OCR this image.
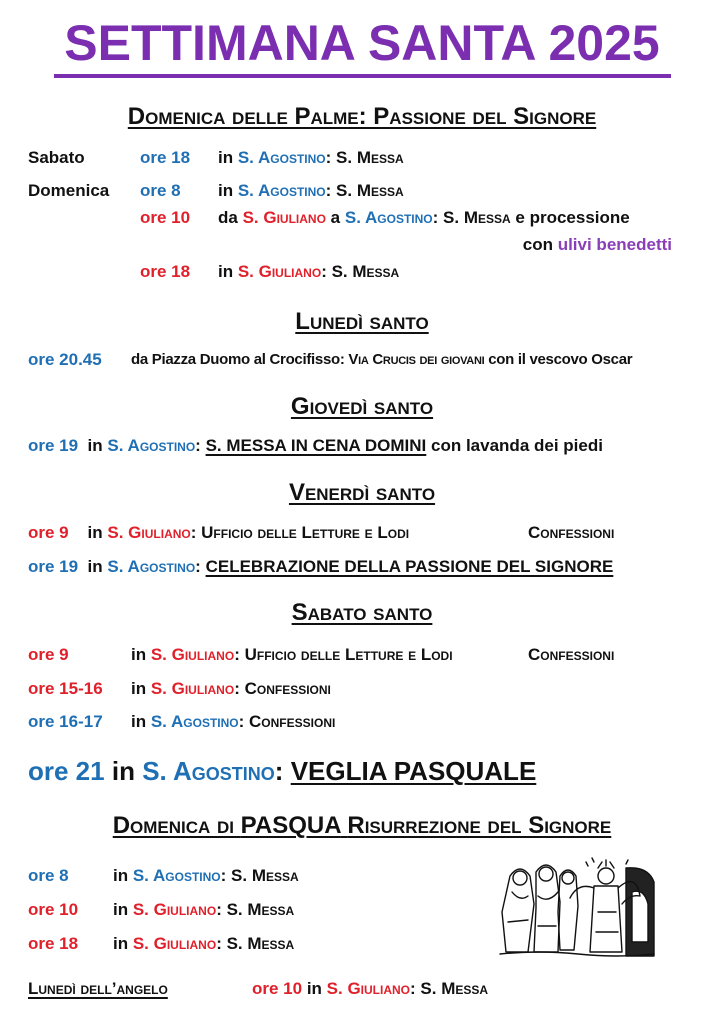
SETTIMANA SANTA 2025
Domenica delle Palme: Passione del Signore
Sabato	ore 18 in S. Agostino: S. Messa
Domenica ore 8 in S. Agostino: S. Messa
ore 10 da S. Giuliano a S. Agostino: S. Messa e processione
con ulivi benedetti
ore 18 in S. Giuliano: S. Messa
Lunedì santo
ore 20.45 da Piazza Duomo al Crocifisso: Via Crucis dei giovani con il vescovo Oscar
Giovedì santo
ore 19 in S. Agostino: S. MESSA IN CENA DOMINI con lavanda dei piedi
Venerdì santo
ore 9 in S. Giuliano: Ufficio delle Letture e Lodi	Confessioni
ore 19 in S. Agostino: CELEBRAZIONE DELLA PASSIONE DEL SIGNORE
Sabato santo
ore 9	in S. Giuliano: Ufficio delle Letture e Lodi	Confessioni
ore 15-16 in S. Giuliano: Confessioni
ore 16-17 in S. Agostino: Confessioni
ore 21 in S. Agostino: VEGLIA PASQUALE
Domenica di PASQUA Risurrezione del Signore
ore 8	in S. Agostino: S. Messa
ore 10 in S. Giuliano: S. Messa
ore 18 in S. Giuliano: S. Messa
Lunedì dell’angelo	ore 10 in S. Giuliano: S. Messa
